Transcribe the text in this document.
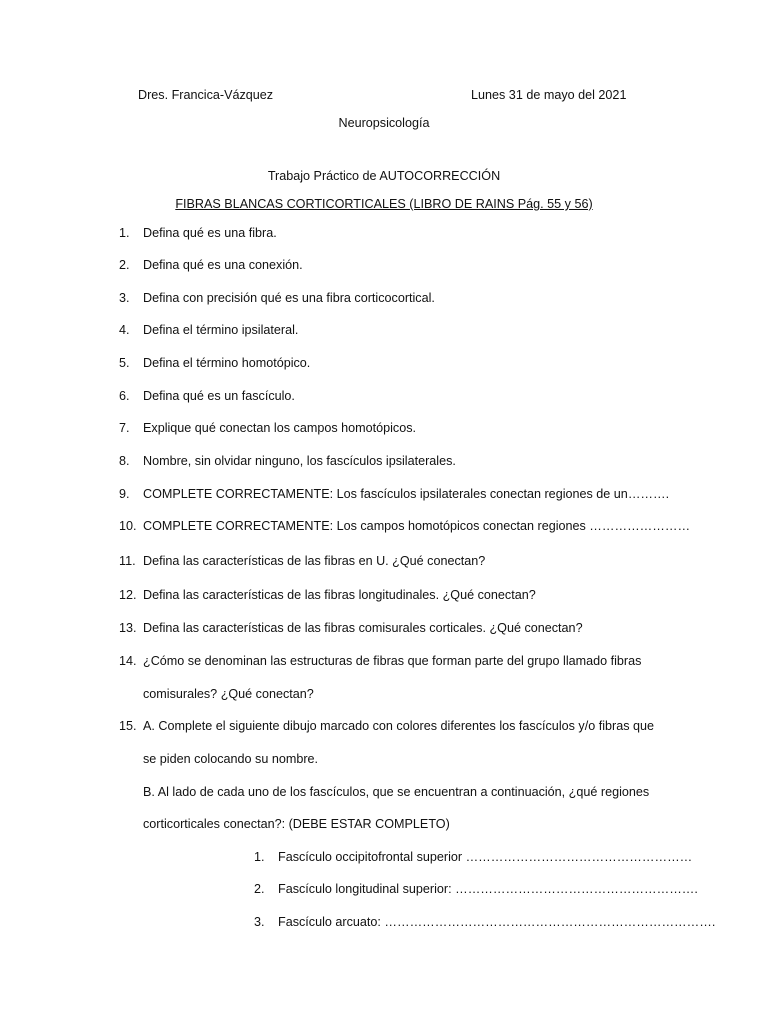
Dres. Francica-Vázquez	Lunes 31 de mayo del 2021
Neuropsicología
Trabajo Práctico de AUTOCORRECCIÓN
FIBRAS BLANCAS CORTICORTICALES (LIBRO DE RAINS Pág. 55 y 56)
1.	Defina qué es una fibra.
2.	Defina qué es una conexión.
3.	Defina con precisión qué es una fibra corticocortical.
4.	Defina el término ipsilateral.
5.	Defina el término homotópico.
6.	Defina qué es un fascículo.
7.	Explique qué conectan los campos homotópicos.
8.	Nombre, sin olvidar ninguno, los fascículos ipsilaterales.
9.	COMPLETE CORRECTAMENTE: Los fascículos ipsilaterales conectan regiones de un……….
10. COMPLETE CORRECTAMENTE: Los campos homotópicos conectan regiones ……………………
11. Defina las características de las fibras en U. ¿Qué conectan?
12. Defina las características de las fibras longitudinales. ¿Qué conectan?
13. Defina las características de las fibras comisurales corticales. ¿Qué conectan?
14. ¿Cómo se denominan las estructuras de fibras que forman parte del grupo llamado fibras
comisurales? ¿Qué conectan?
15. A. Complete el siguiente dibujo marcado con colores diferentes los fascículos y/o fibras que
se piden colocando su nombre.
B. Al lado de cada uno de los fascículos, que se encuentran a continuación, ¿qué regiones
corticorticales conectan?: (DEBE ESTAR COMPLETO)
1. Fascículo occipitofrontal superior ………………………………………………
2. Fascículo longitudinal superior: ………………………………………………….
3. Fascículo arcuato: …………………………………………………………………….
